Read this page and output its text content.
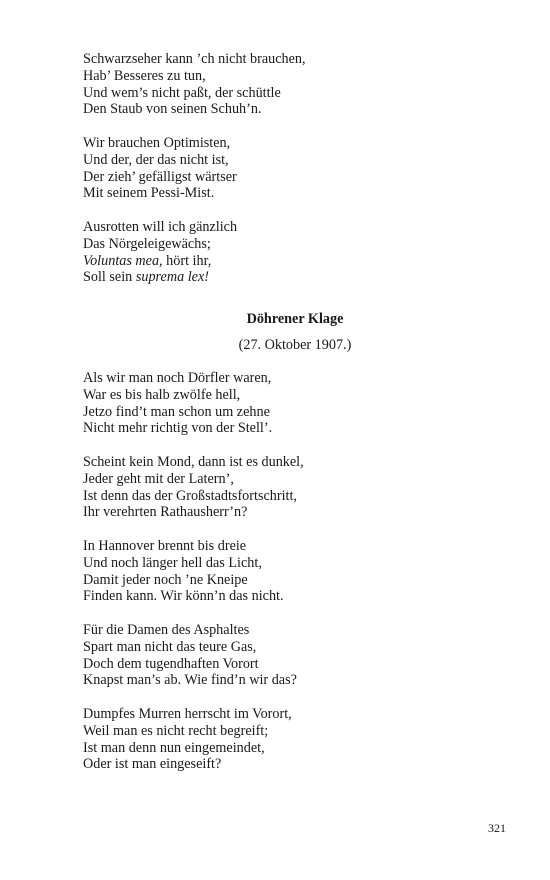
Schwarzseher kann ’ch nicht brauchen,
Hab’ Besseres zu tun,
Und wem’s nicht paßt, der schüttle
Den Staub von seinen Schuh’n.
Wir brauchen Optimisten,
Und der, der das nicht ist,
Der zieh’ gefälligst wärtser
Mit seinem Pessi-Mist.
Ausrotten will ich gänzlich
Das Nörgeleigewächs;
Voluntas mea, hört ihr,
Soll sein suprema lex!
Döhrener Klage
(27. Oktober 1907.)
Als wir man noch Dörfler waren,
War es bis halb zwölfe hell,
Jetzo find’t man schon um zehne
Nicht mehr richtig von der Stell’.
Scheint kein Mond, dann ist es dunkel,
Jeder geht mit der Latern’,
Ist denn das der Großstadtsfortschritt,
Ihr verehrten Rathausherr’n?
In Hannover brennt bis dreie
Und noch länger hell das Licht,
Damit jeder noch ’ne Kneipe
Finden kann. Wir könn’n das nicht.
Für die Damen des Asphaltes
Spart man nicht das teure Gas,
Doch dem tugendhaften Vorort
Knapst man’s ab. Wie find’n wir das?
Dumpfes Murren herrscht im Vorort,
Weil man es nicht recht begreift;
Ist man denn nun eingemeindet,
Oder ist man eingeseift?
321
